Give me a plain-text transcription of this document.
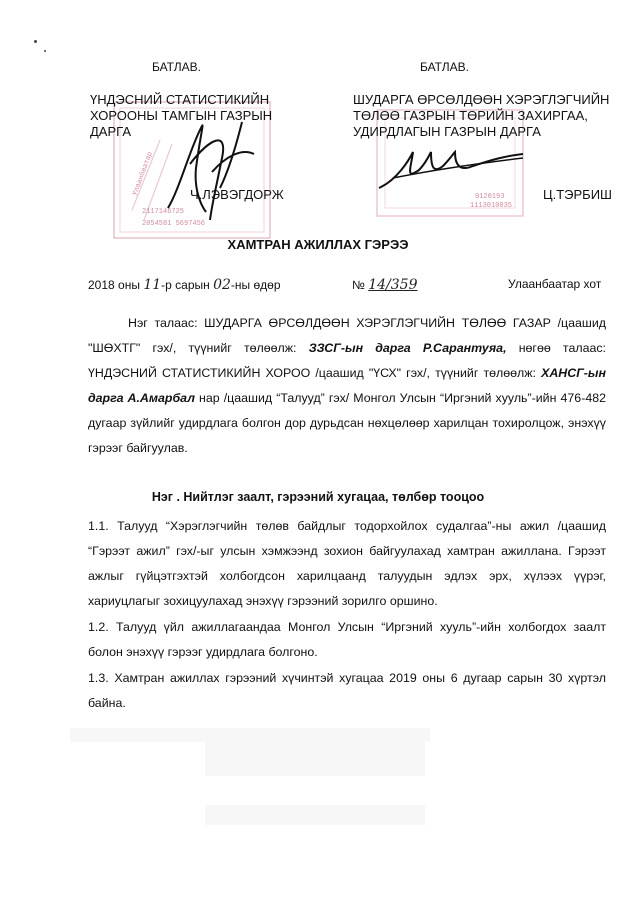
Улаанбаатар
2117146725
2054581 5697456
9120193
1113010035
БАТЛАВ.	БАТЛАВ.
ҮНДЭСНИЙ СТАТИСТИКИЙН
ХОРООНЫ ТАМГЫН ГАЗРЫН
ДАРГА
ШУДАРГА ӨРСӨЛДӨӨН ХЭРЭГЛЭГЧИЙН
ТӨЛӨӨ ГАЗРЫН ТӨРИЙН ЗАХИРГАА,
УДИРДЛАГЫН ГАЗРЫН ДАРГА
Ч.ЛЭВЭГДОРЖ	Ц.ТЭРБИШ
ХАМТРАН АЖИЛЛАХ ГЭРЭЭ
2018 оны 11-р сарын 02-ны өдөр	№ 14/359	Улаанбаатар хот
Нэг талаас: ШУДАРГА ӨРСӨЛДӨӨН ХЭРЭГЛЭГЧИЙН ТӨЛӨӨ ГАЗАР /цаашид "ШӨХТГ" гэх/, түүнийг төлөөлж: ЗЗСГ-ын дарга Р.Сарантуяа, нөгөө талаас: ҮНДЭСНИЙ СТАТИСТИКИЙН ХОРОО /цаашид "ҮСХ" гэх/, түүнийг төлөөлж: ХАНСГ-ын дарга А.Амарбал нар /цаашид “Талууд” гэх/ Монгол Улсын “Иргэний хууль”-ийн 476-482 дугаар зүйлийг удирдлага болгон дор дурьдсан нөхцөлөөр харилцан тохиролцож, энэхүү гэрээг байгуулав.
Нэг . Нийтлэг заалт, гэрээний хугацаа, төлбөр тооцоо
1.1. Талууд “Хэрэглэгчийн төлөв байдлыг тодорхойлох судалгаа”-ны ажил /цаашид “Гэрээт ажил” гэх/-ыг улсын хэмжээнд зохион байгуулахад хамтран ажиллана. Гэрээт ажлыг гүйцэтгэхтэй холбогдсон харилцаанд талуудын эдлэх эрх, хүлээх үүрэг, хариуцлагыг зохицуулахад энэхүү гэрээний зорилго оршино.
1.2. Талууд үйл ажиллагаандаа Монгол Улсын “Иргэний хууль”-ийн холбогдох заалт болон энэхүү гэрээг удирдлага болгоно.
1.3. Хамтран ажиллах гэрээний хүчинтэй хугацаа 2019 оны 6 дугаар сарын 30 хүртэл байна.
